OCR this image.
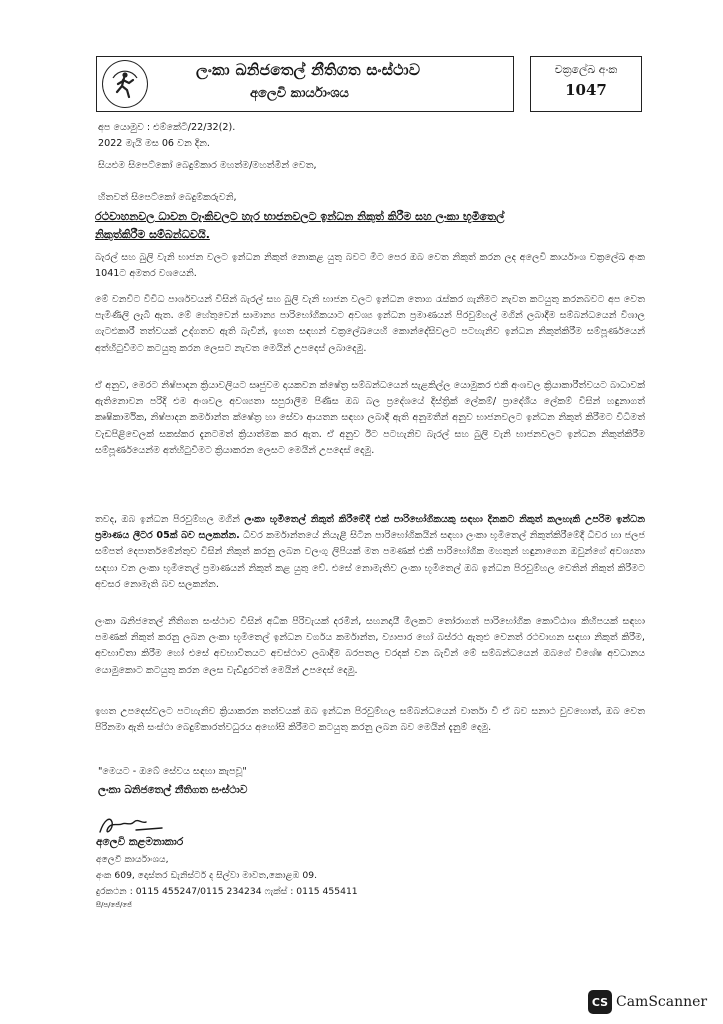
ලංකා ඛනිජතෙල් නීතිගත සංස්ථාව
අලෙවි කාර්යාංශය
චක්‍රලේඛ අංක
1047
අප යොමුව : එම්කේටී/22/32(2).
2022 මැයි මස 06 වන දින.
සියළුම සිපෙට්කෝ බෙදුම්කාර මහත්ම/මහත්මීන් වෙත,
හිතවත් සිපෙට්කෝ බෙදුම්කරුවනි,
රථවාහනවල ධාවන ටැංකිවලට හැර භාජනවලට ඉන්ධන නිකුත් කිරීම සහ ලංකා භූමිතෙල්
නිකුත්කිරීම සම්බන්ධවයි.
බැරල් සහ බුලි වැනි භාජන වලට ඉන්ධන නිකුත් නොකළ යුතු බවට මීට පෙර ඔබ වෙත නිකුත් කරන ලද අලෙවි කාර්යාංශ චක්‍රලේඛ අංක 1041ට අමතර වශයෙනි.
මේ වනවිට විවිධ පාර්ශවයන් විසින් බැරල් සහ බුලි වැනි භාජන වලට ඉන්ධන තොග රැස්කර ගැනීමට නැවත කටයුතු කරනබවට අප වෙත පැමිණිලි ලැබී ඇත. මේ හේතුවෙන් සාමාන්‍ය පාරිභෝගිකයාට අවශ්‍ය ඉන්ධන ප්‍රමාණයන් පිරවුම්හල් මගින් ලබාදීම සම්බන්ධයෙන් විශාල ගැටළුකාරී තත්වයක් උද්ගතව ඇති බැවින්, ඉහත සඳහන් චක්‍රලේඛයෙහි කොන්දේසිවලට පටහැනිව ඉන්ධන නිකුත්කිරීම සම්පූර්ණයෙන් අත්හිටුවීමට කටයුතු කරන ලෙසට නැවත මෙයින් උපදෙස් ලබාදෙමු.
ඒ අනුව, මෙරට නිෂ්පාදන ක්‍රියාවලියට සෘජුවම දායකවන ක්ෂේත්‍ර සම්බන්ධයෙන් සැළකිල්ල යොමුකර එකී අංශවල ක්‍රියාකාරීත්වයට බාධාවක් ඇතිනොවන පරිදි එම අංශවල අවශ්‍යතා සපුරාලීම පිණිස ඔබ බල ප්‍රදේශයේ දිස්ත්‍රික් ලේකම්/ ප්‍රාදේශීය ලේකම් විසින් හඳුනාගත් කෘෂිකාර්මික, නිෂ්පාදන කර්මාන්ත ක්ෂේත්‍ර හා සේවා ආයතන සඳහා ලබාදී ඇති අනුමතීන් අනුව භාජනවලට ඉන්ධන නිකුත් කිරීමට විධිමත් වැඩපිළිවෙලක් සකස්කර දැනටමත් ක්‍රියාත්මක කර ඇත. ඒ අනුව ඊට පටහැනිව බැරල් සහ බුලි වැනි භාජනවලට ඉන්ධන නිකුත්කිරීම සම්පූර්ණයෙන්ම අත්හිටුවීමට ක්‍රියාකරන ලෙසට මෙයින් උපදෙස් දෙමු.
තවද, ඔබ ඉන්ධන පිරවුම්හල මගින් ලංකා භූමිතෙල් නිකුත් කිරීමේදී එක් පාරිභෝගිකයකු සඳහා දිනකට නිකුත් කලහැකි උපරිම ඉන්ධන ප්‍රමාණය ලීටර 05ක් බව සලකන්න. ධීවර කර්මාන්තයේ නියැළී සිටින පාරිභෝගිකයින් සඳහා ලංකා භූමිතෙල් නිකුත්කිරීමේදී ධීවර හා ජලජ සම්පත් දෙපාර්තමේන්තුව විසින් නිකුත් කරනු ලබන වලංගු ලිපියක් මත පමණක් එකී පාරිභෝගික මහතුන් හඳුනාගෙන ඔවුන්ගේ අවශ්‍යතා සඳහා වන ලංකා භූමිතෙල් ප්‍රමාණයන් නිකුත් කළ යුතු වේ. එසේ නොමැතිව ලංකා භූමිතෙල් ඔබ ඉන්ධන පිරවුම්හල වෙතින් නිකුත් කිරීමට අවසර නොමැති බව සලකන්න.
ලංකා ඛනිජතෙල් නීතිගත සංස්ථාව විසින් අධික පිරිවැයක් දරමින්, සහනදායී මිලකට තෝරාගත් පාරිභෝගික කොට්ඨාශ කිහිපයක් සඳහා පමණක් නිකුත් කරනු ලබන ලංකා භූමිතෙල් ඉන්ධන වර්ගය කර්මාන්ත, ව්‍යාපාර හෝ බස්රථ ඇතුළු වෙනත් රථවාහන සඳහා නිකුත් කිරීම, අවභාවිතා කිරීම හෝ එසේ අවභාවිතයට අවස්ථාව ලබාදීම බරපතල වරදක් වන බැවින් මේ සම්බන්ධයෙන් ඔබගේ විශේෂ අවධානය යොමුකොට කටයුතු කරන ලෙස වැඩිදුරටත් මෙයින් උපදෙස් දෙමු.
ඉහත උපදෙස්වලට පටහැනිව ක්‍රියාකරන තත්වයක් ඔබ ඉන්ධන පිරවුම්හල සම්බන්ධයෙන් වාර්තා වී ඒ බව සනාථ වුවහොත්, ඔබ වෙත පිරිනමා ඇති සංස්ථා බෙදුම්කාරත්වධුරය අහෝසි කිරීමට කටයුතු කරනු ලබන බව මෙයින් දැනුම් දෙමු.
"මෙයට - ඔබේ සේවය සඳහා කැපවූ"
ලංකා ඛනිජතෙල් නීතිගත සංස්ථාව
අලෙවි කළමනාකාර
අලෙවි කාර්යාංශය,
අංක 609, දොස්තර ඩැනිස්ටර් ද සිල්වා මාවත,කොළඹ 09.
දුරකථන : 0115 455247/0115 234234 ෆැක්ස් : 0115 455411
සී/ප/ජේ/ජේ
CS CamScanner
